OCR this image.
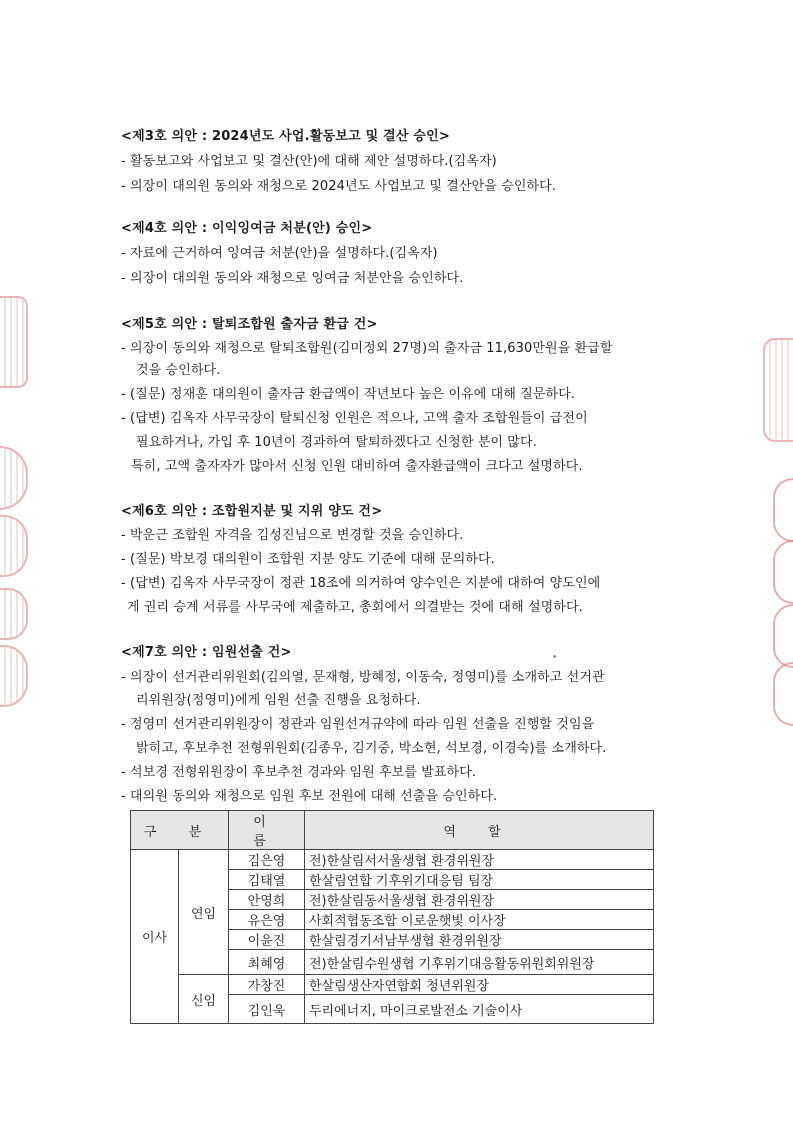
<제3호 의안 : 2024년도 사업.활동보고 및 결산 승인>
- 활동보고와 사업보고 및 결산(안)에 대해 제안 설명하다.(김옥자)
- 의장이 대의원 동의와 재청으로 2024년도 사업보고 및 결산안을 승인하다.
<제4호 의안 : 이익잉여금 처분(안) 승인>
- 자료에 근거하여 잉여금 처분(안)을 설명하다.(김옥자)
- 의장이 대의원 동의와 재청으로 잉여금 처분안을 승인하다.
<제5호 의안 : 탈퇴조합원 출자금 환급 건>
- 의장이 동의와 재청으로 탈퇴조합원(김미정외 27명)의 출자금 11,630만원을 환급할
것을 승인하다.
- (질문) 정재훈 대의원이 출자금 환급액이 작년보다 높은 이유에 대해 질문하다.
- (답변) 김옥자 사무국장이 탈퇴신청 인원은 적으나, 고액 출자 조합원들이 급전이
필요하거나, 가입 후 10년이 경과하여 탈퇴하겠다고 신청한 분이 많다.
특히, 고액 출자자가 많아서 신청 인원 대비하여 출자환급액이 크다고 설명하다.
<제6호 의안 : 조합원지분 및 지위 양도 건>
- 박운근 조합원 자격을 김성진님으로 변경할 것을 승인하다.
- (질문) 박보경 대의원이 조합원 지분 양도 기준에 대해 문의하다.
- (답변) 김옥자 사무국장이 정관 18조에 의거하여 양수인은 지분에 대하여 양도인에
게 권리 승계 서류를 사무국에 제출하고, 총회에서 의결받는 것에 대해 설명하다.
<제7호 의안 : 임원선출 건>
- 의장이 선거관리위원회(김의열, 문재형, 방혜정, 이동숙, 정영미)를 소개하고 선거관
리위원장(정영미)에게 임원 선출 진행을 요청하다.
- 정영미 선거관리위원장이 정관과 임원선거규약에 따라 임원 선출을 진행할 것임을
밝히고, 후보추천 전형위원회(김종우, 김기중, 박소현, 석보경, 이경숙)를 소개하다.
- 석보경 전형위원장이 후보추천 경과와 임원 후보를 발표하다.
- 대의원 동의와 재청으로 임원 후보 전원에 대해 선출을 승인하다.
구 분		이 름	역 할
이사	연임	김은영	전)한살림서서울생협 환경위원장
		김태열	한살림연합 기후위기대응팀 팀장
		안영희	전)한살림동서울생협 환경위원장
		유은영	사회적협동조합 이로운햇빛 이사장
		이윤진	한살림경기서남부생협 환경위원장
		최혜영	전)한살림수원생협 기후위기대응활동위원회위원장
	신임	가창진	한살림생산자연합회 청년위원장
		김인욱	두리에너지, 마이크로발전소 기술이사
